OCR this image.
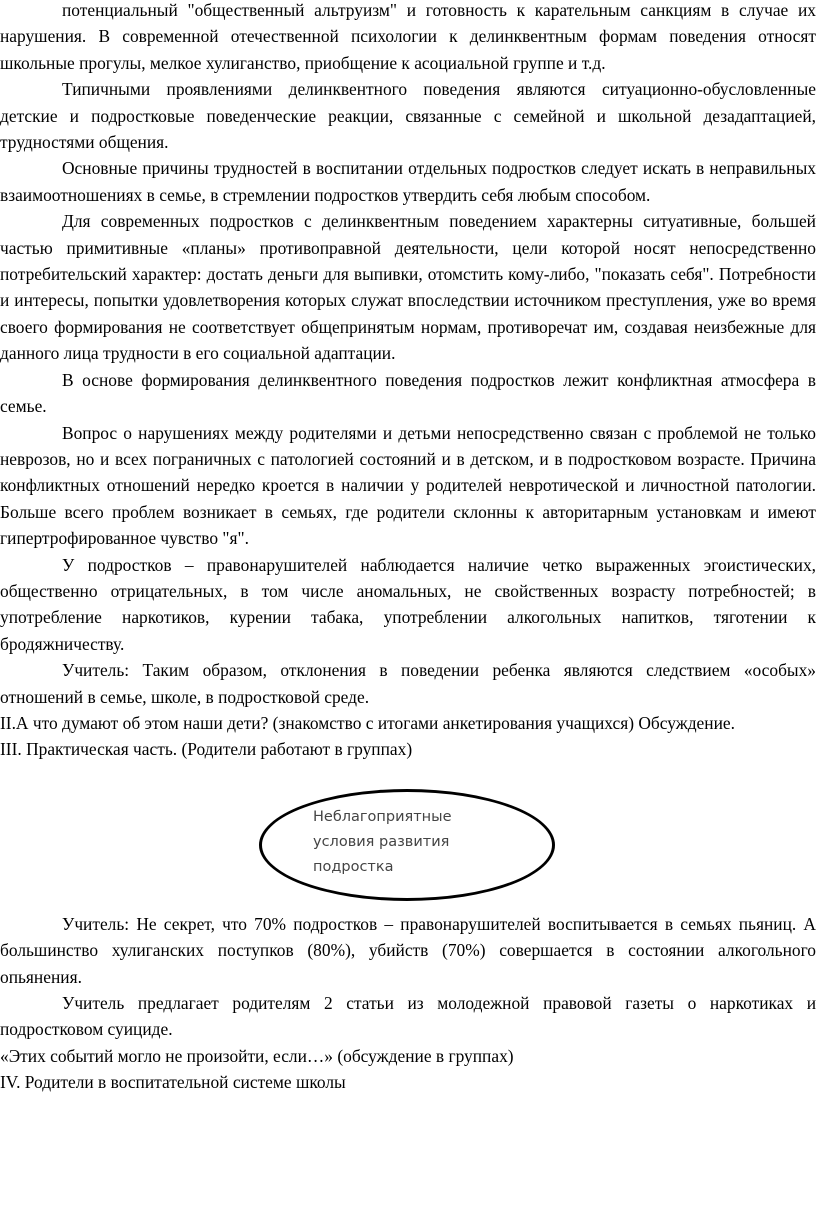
потенциальный "общественный альтруизм" и готовность к карательным санкциям в случае их нарушения. В современной отечественной психологии к делинквентным формам поведения относят школьные прогулы, мелкое хулиганство, приобщение к асоциальной группе и т.д.

Типичными проявлениями делинквентного поведения являются ситуационно-обусловленные детские и подростковые поведенческие реакции, связанные с семейной и школьной дезадаптацией, трудностями общения.

Основные причины трудностей в воспитании отдельных подростков следует искать в неправильных взаимоотношениях в семье, в стремлении подростков утвердить себя любым способом.

Для современных подростков с делинквентным поведением характерны ситуативные, большей частью примитивные «планы» противоправной деятельности, цели которой носят непосредственно потребительский характер: достать деньги для выпивки, отомстить кому-либо, "показать себя". Потребности и интересы, попытки удовлетворения которых служат впоследствии источником преступления, уже во время своего формирования не соответствует общепринятым нормам, противоречат им, создавая неизбежные для данного лица трудности в его социальной адаптации.

В основе формирования делинквентного поведения подростков лежит конфликтная атмосфера в семье.

Вопрос о нарушениях между родителями и детьми непосредственно связан с проблемой не только неврозов, но и всех пограничных с патологией состояний и в детском, и в подростковом возрасте. Причина конфликтных отношений нередко кроется в наличии у родителей невротической и личностной патологии. Больше всего проблем возникает в семьях, где родители склонны к авторитарным установкам и имеют гипертрофированное чувство "я".

У подростков – правонарушителей наблюдается наличие четко выраженных эгоистических, общественно отрицательных, в том числе аномальных, не свойственных возрасту потребностей; в употребление наркотиков, курении табака, употреблении алкогольных напитков, тяготении к бродяжничеству.

Учитель: Таким образом, отклонения в поведении ребенка являются следствием «особых» отношений в семье, школе, в подростковой среде.

II.А что думают об этом наши дети? (знакомство с итогами анкетирования учащихся) Обсуждение.

III. Практическая часть. (Родители работают в группах)

Неблагоприятные
условия развития
подростка

Учитель: Не секрет, что 70% подростков – правонарушителей воспитывается в семьях пьяниц. А большинство хулиганских поступков (80%), убийств (70%) совершается в состоянии алкогольного опьянения.

Учитель предлагает родителям 2 статьи из молодежной правовой газеты о наркотиках и подростковом суициде.

«Этих событий могло не произойти, если…» (обсуждение в группах)

IV. Родители в воспитательной системе школы
